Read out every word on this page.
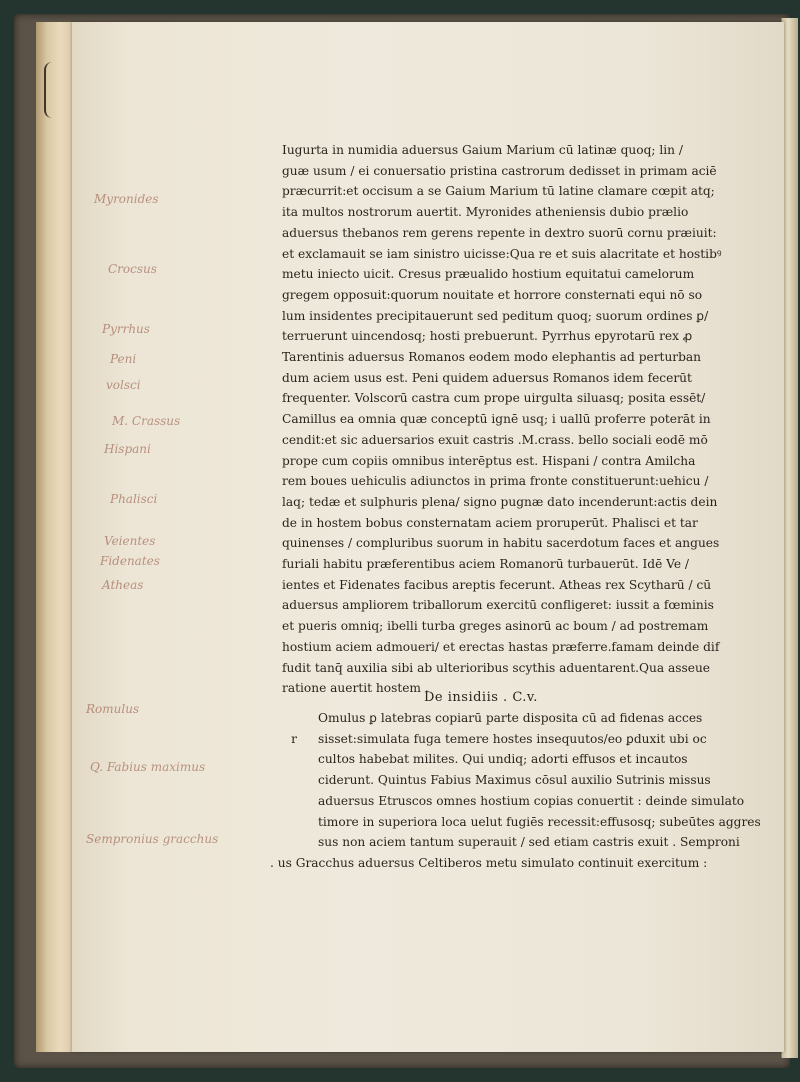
Myronides
Crocsus
Pyrrhus
Peni
volsci
M. Crassus
Hispani
Phalisci
Veientes
Fidenates
Atheas
Romulus
Q. Fabius maximus
Sempronius gracchus
Iugurta in numidia aduersus Gaium Marium cū latinæ quoq; lin /
guæ usum / ei conuersatio pristina castrorum dedisset in primam aciē
præcurrit:et occisum a se Gaium Marium tū latine clamare cœpit atq;
ita multos nostrorum auertit. Myronides atheniensis dubio prælio
aduersus thebanos rem gerens repente in dextro suorū cornu præiuit:
et exclamauit se iam sinistro uicisse:Qua re et suis alacritate et hostibꝰ
metu iniecto uicit. Cresus præualido hostium equitatui camelorum
gregem opposuit:quorum nouitate et horrore consternati equi nō so
lum insidentes precipitauerunt sed peditum quoq; suorum ordines ꝑ/
terruerunt uincendosq; hosti prebuerunt. Pyrrhus epyrotarū rex ꝓ
Tarentinis aduersus Romanos eodem modo elephantis ad perturban
dum aciem usus est. Peni quidem aduersus Romanos idem fecerūt
frequenter. Volscorū castra cum prope uirgulta siluasq; posita essēt/
Camillus ea omnia quæ conceptū ignē usq; i uallū proferre poterāt in
cendit:et sic aduersarios exuit castris .M.crass. bello sociali eodē mō
prope cum copiis omnibus interēptus est. Hispani / contra Amilcha
rem boues uehiculis adiunctos in prima fronte constituerunt:uehicu /
laq; tedæ et sulphuris plena/ signo pugnæ dato incenderunt:actis dein
de in hostem bobus consternatam aciem proruperūt. Phalisci et tar
quinenses / compluribus suorum in habitu sacerdotum faces et angues
furiali habitu præferentibus aciem Romanorū turbauerūt. Idē Ve /
ientes et Fidenates facibus areptis fecerunt. Atheas rex Scytharū / cū
aduersus ampliorem triballorum exercitū confligeret: iussit a fœminis
et pueris omniq; ibelli turba greges asinorū ac boum / ad postremam
hostium aciem admoueri/ et erectas hastas præferre.famam deinde dif
fudit tanq̄ auxilia sibi ab ulterioribus scythis aduentarent.Qua asseue
ratione auertit hostem .
De insidiis . C.v.
Omulus ꝑ latebras copiarū parte disposita cū ad fidenas acces
r sisset:simulata fuga temere hostes insequutos/eo ꝑduxit ubi oc
cultos habebat milites. Qui undiq; adorti effusos et incautos
ciderunt. Quintus Fabius Maximus cōsul auxilio Sutrinis missus
aduersus Etruscos omnes hostium copias conuertit : deinde simulato
timore in superiora loca uelut fugiēs recessit:effusosq; subeūtes aggres
sus non aciem tantum superauit / sed etiam castris exuit . Semproni
. us Gracchus aduersus Celtiberos metu simulato continuit exercitum :
